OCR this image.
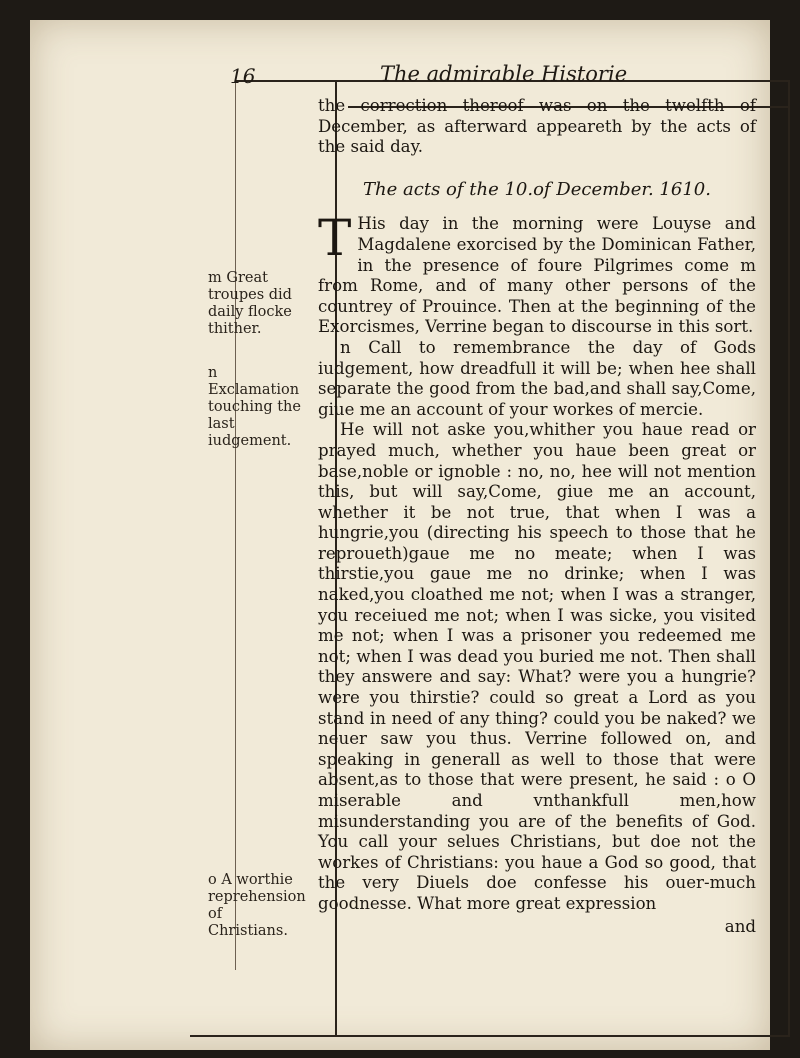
16	The admirable Historie

the correction thereof was on the twelfth of December, as afterward appeareth by the acts of the said day.

The acts of the 10.of December. 1610.

T His day in the morning were Louyse and Magdalene exorcised by the Dominican Father, in the presence of foure Pilgrimes come m from Rome, and of many other persons of the countrey of Prouince. Then at the beginning of the Exorcismes, Verrine began to discourse in this sort.

n Call to remembrance the day of Gods iudgement, how dreadfull it will be; when hee shall separate the good from the bad,and shall say,Come, giue me an account of your workes of mercie.

He will not aske you,whither you haue read or prayed much, whether you haue been great or base,noble or ignoble : no, no, hee will not mention this, but will say,Come, giue me an account, whether it be not true, that when I was a hungrie,you (directing his speech to those that he reproueth)gaue me no meate; when I was thirstie,you gaue me no drinke; when I was naked,you cloathed me not; when I was a stranger, you receiued me not; when I was sicke, you visited me not; when I was a prisoner you redeemed me not; when I was dead you buried me not. Then shall they answere and say: What? were you a hungrie? were you thirstie? could so great a Lord as you stand in need of any thing? could you be naked? we neuer saw you thus. Verrine followed on, and speaking in generall as well to those that were absent,as to those that were present, he said : o O miserable and vnthankfull men,how misunderstanding you are of the benefits of God. You call your selues Christians, but doe not the workes of Christians: you haue a God so good, that the very Diuels doe confesse his ouer-much goodnesse. What more great expression

and

m Great troupes did daily flocke thither.
n Exclamation touching the last iudgement.
o A worthie reprehension of Christians.
